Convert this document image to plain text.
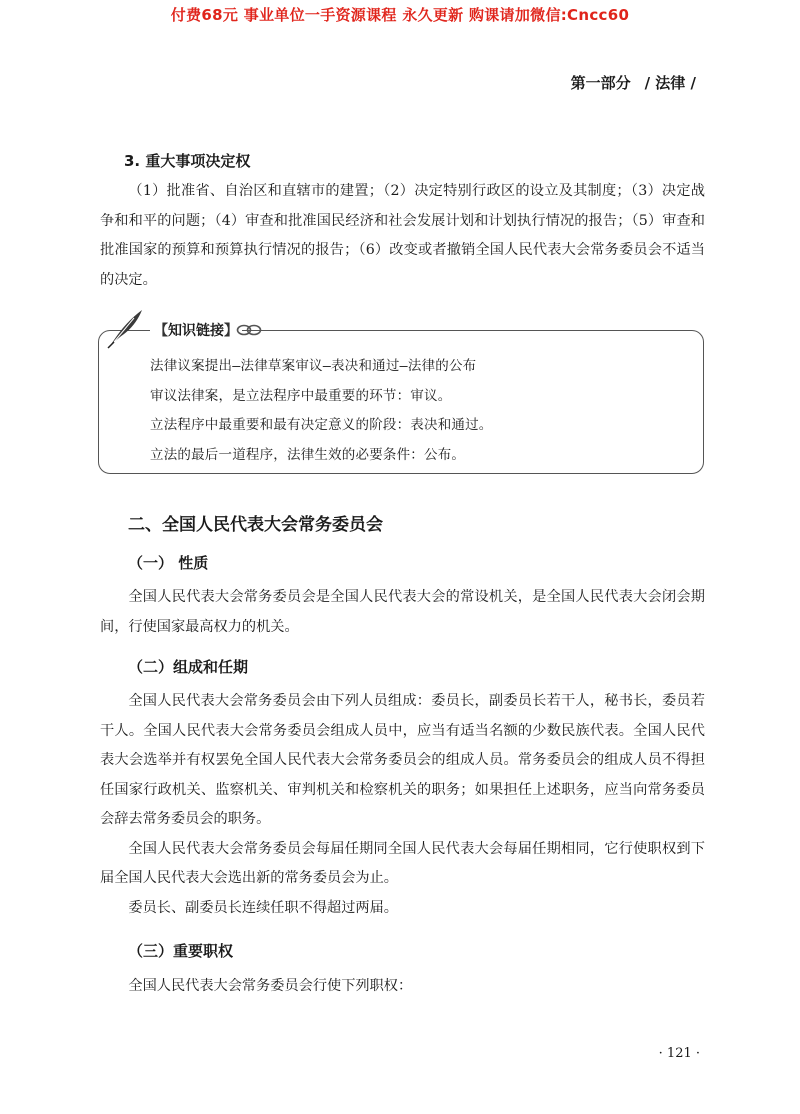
付费68元 事业单位一手资源课程 永久更新 购课请加微信:Cncc60
第一部分 / 法律 /
3. 重大事项决定权

（1）批准省、自治区和直辖市的建置；（2）决定特别行政区的设立及其制度；（3）决定战争和和平的问题；（4）审查和批准国民经济和社会发展计划和计划执行情况的报告；（5）审查和批准国家的预算和预算执行情况的报告；（6）改变或者撤销全国人民代表大会常务委员会不适当的决定。

【知识链接】
法律议案提出—法律草案审议—表决和通过—法律的公布
审议法律案，是立法程序中最重要的环节：审议。
立法程序中最重要和最有决定意义的阶段：表决和通过。
立法的最后一道程序，法律生效的必要条件：公布。
二、全国人民代表大会常务委员会
（一） 性质

全国人民代表大会常务委员会是全国人民代表大会的常设机关，是全国人民代表大会闭会期间，行使国家最高权力的机关。

（二）组成和任期

全国人民代表大会常务委员会由下列人员组成：委员长，副委员长若干人，秘书长，委员若干人。全国人民代表大会常务委员会组成人员中，应当有适当名额的少数民族代表。全国人民代表大会选举并有权罢免全国人民代表大会常务委员会的组成人员。常务委员会的组成人员不得担任国家行政机关、监察机关、审判机关和检察机关的职务；如果担任上述职务，应当向常务委员会辞去常务委员会的职务。

全国人民代表大会常务委员会每届任期同全国人民代表大会每届任期相同，它行使职权到下届全国人民代表大会选出新的常务委员会为止。

委员长、副委员长连续任职不得超过两届。

（三）重要职权

全国人民代表大会常务委员会行使下列职权：

· 121 ·
